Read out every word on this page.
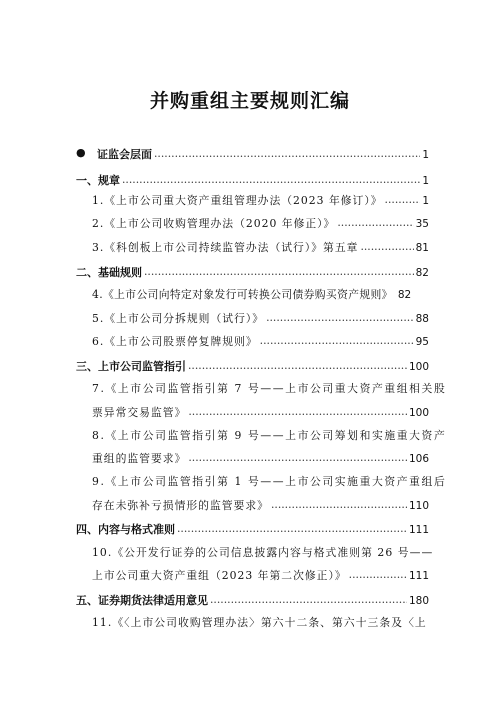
并购重组主要规则汇编
● 证监会层面 .....	1
一、规章 .....	1
1.《上市公司重大资产重组管理办法（2023 年修订）》 .....	1
2.《上市公司收购管理办法（2020 年修正）》 .....	35
3.《科创板上市公司持续监管办法（试行）》第五章 .....	81
二、基础规则 .....	82
4.《上市公司向特定对象发行可转换公司债券购买资产规则》 82
5.《上市公司分拆规则（试行）》 .....	88
6.《上市公司股票停复牌规则》 .....	95
三、上市公司监管指引 .....	100
7.《上市公司监管指引第 7 号——上市公司重大资产重组相关股
票异常交易监管》 .....	100
8.《上市公司监管指引第 9 号——上市公司筹划和实施重大资产
重组的监管要求》 .....	106
9.《上市公司监管指引第 1 号——上市公司实施重大资产重组后
存在未弥补亏损情形的监管要求》 .....	110
四、内容与格式准则 .....	111
10.《公开发行证券的公司信息披露内容与格式准则第 26 号——
上市公司重大资产重组（2023 年第二次修正）》 .....	111
五、证券期货法律适用意见 .....	180
11.《〈上市公司收购管理办法〉第六十二条、第六十三条及〈上
